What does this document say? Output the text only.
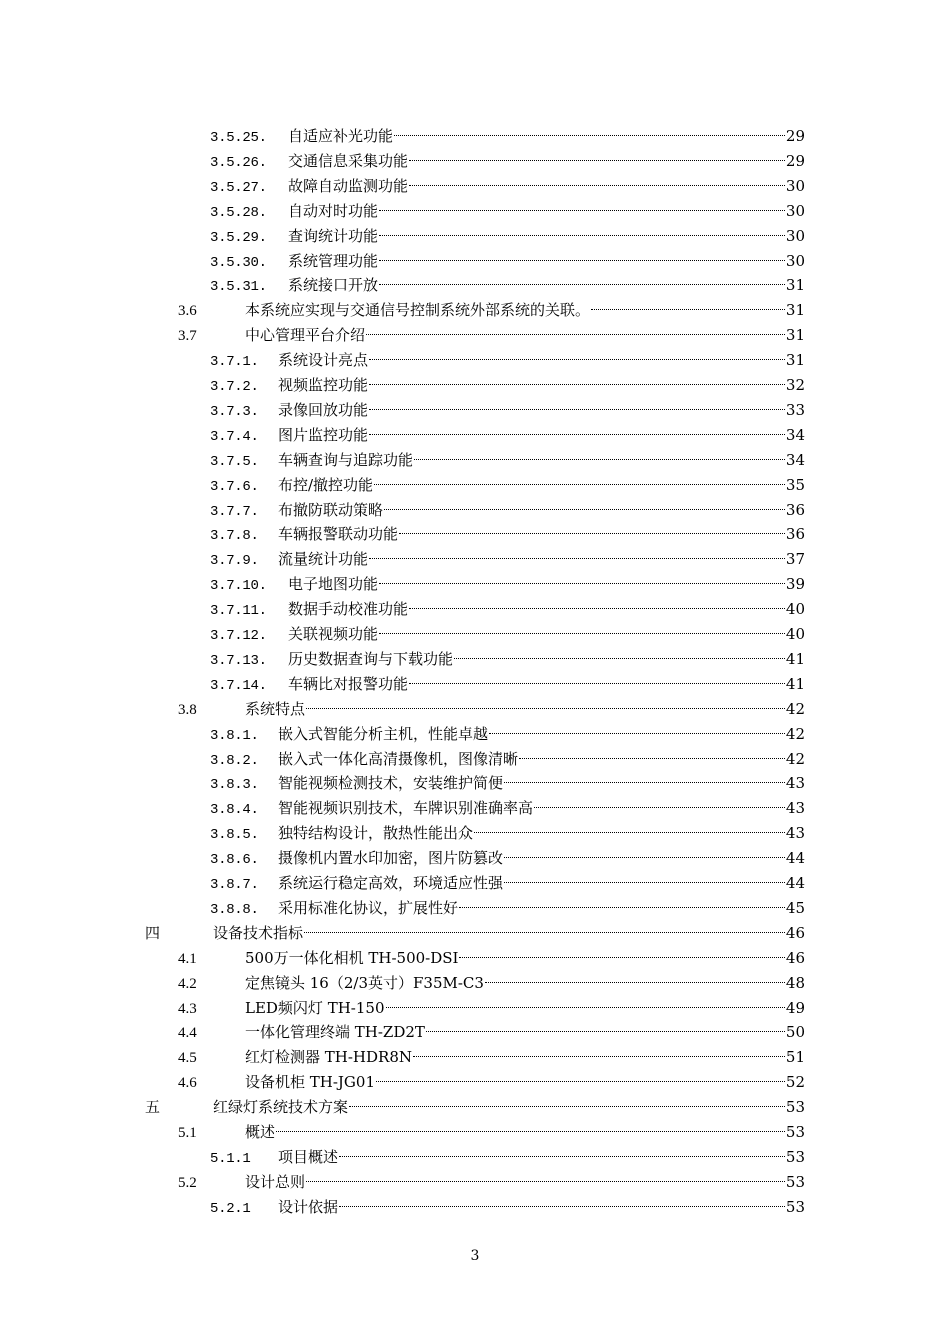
3.5.25.	自适应补光功能	29
3.5.26.	交通信息采集功能	29
3.5.27.	故障自动监测功能	30
3.5.28.	自动对时功能	30
3.5.29.	查询统计功能	30
3.5.30.	系统管理功能	30
3.5.31.	系统接口开放	31
3.6	本系统应实现与交通信号控制系统外部系统的关联。	31
3.7	中心管理平台介绍	31
3.7.1.	系统设计亮点	31
3.7.2.	视频监控功能	32
3.7.3.	录像回放功能	33
3.7.4.	图片监控功能	34
3.7.5.	车辆查询与追踪功能	34
3.7.6.	布控/撤控功能	35
3.7.7.	布撤防联动策略	36
3.7.8.	车辆报警联动功能	36
3.7.9.	流量统计功能	37
3.7.10.	电子地图功能	39
3.7.11.	数据手动校准功能	40
3.7.12.	关联视频功能	40
3.7.13.	历史数据查询与下载功能	41
3.7.14.	车辆比对报警功能	41
3.8	系统特点	42
3.8.1.	嵌入式智能分析主机，性能卓越	42
3.8.2.	嵌入式一体化高清摄像机，图像清晰	42
3.8.3.	智能视频检测技术，安装维护简便	43
3.8.4.	智能视频识别技术，车牌识别准确率高	43
3.8.5.	独特结构设计，散热性能出众	43
3.8.6.	摄像机内置水印加密，图片防篡改	44
3.8.7.	系统运行稳定高效，环境适应性强	44
3.8.8.	采用标准化协议，扩展性好	45
四	设备技术指标	46
4.1	500万一体化相机 TH-500-DSI	46
4.2	定焦镜头 16（2/3英寸）F35M-C3	48
4.3	LED频闪灯 TH-150	49
4.4	一体化管理终端 TH-ZD2T	50
4.5	红灯检测器 TH-HDR8N	51
4.6	设备机柜 TH-JG01	52
五	红绿灯系统技术方案	53
5.1	概述	53
5.1.1	项目概述	53
5.2	设计总则	53
5.2.1	设计依据	53
3
